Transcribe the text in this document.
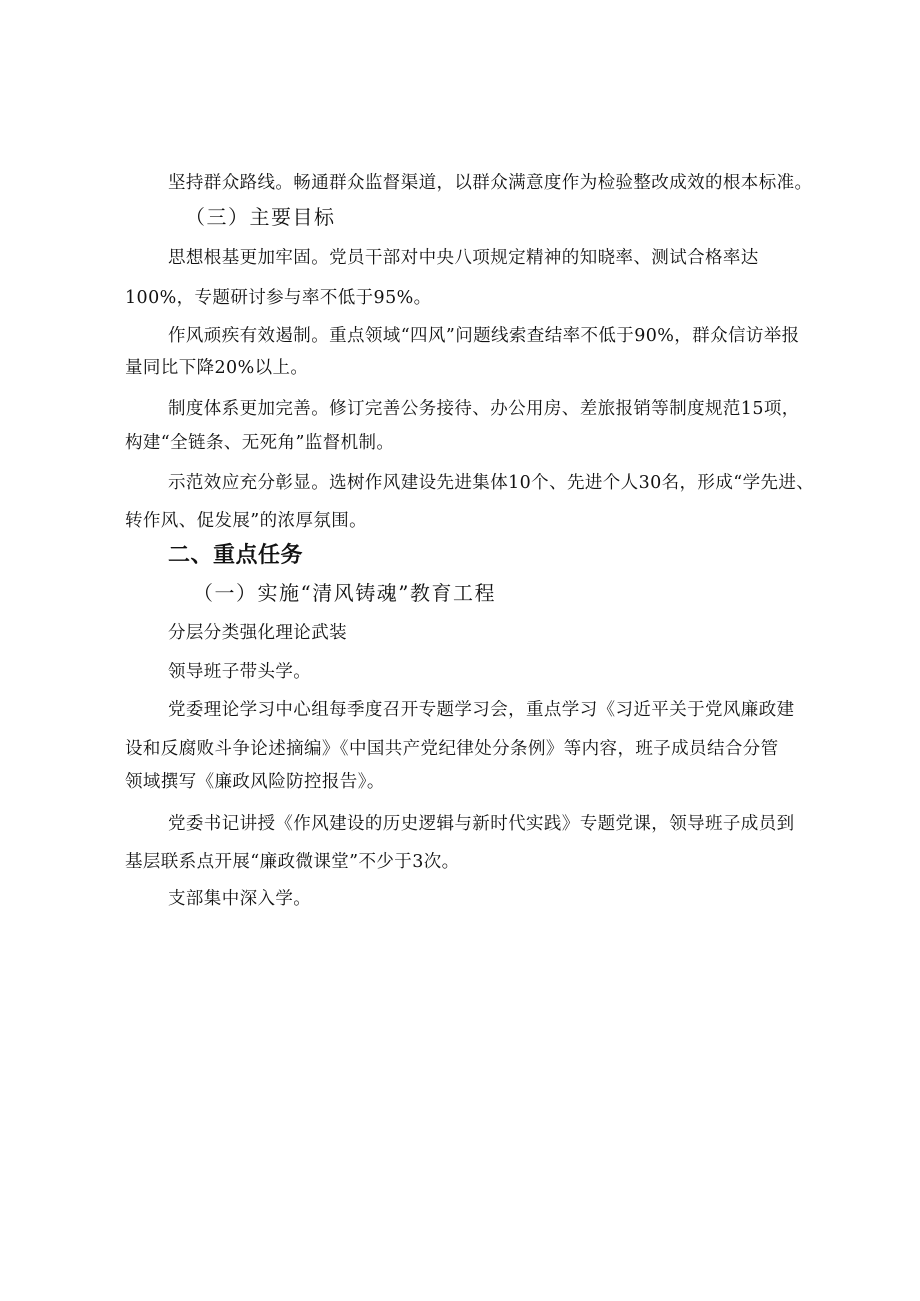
坚持群众路线。畅通群众监督渠道，以群众满意度作为检验整改成效的根本标准。
（三）主要目标
思想根基更加牢固。党员干部对中央八项规定精神的知晓率、测试合格率达
100%，专题研讨参与率不低于95%。
作风顽疾有效遏制。重点领域“四风”问题线索查结率不低于90%，群众信访举报
量同比下降20%以上。
制度体系更加完善。修订完善公务接待、办公用房、差旅报销等制度规范15项，
构建“全链条、无死角”监督机制。
示范效应充分彰显。选树作风建设先进集体10个、先进个人30名，形成“学先进、
转作风、促发展”的浓厚氛围。
二、重点任务
（一）实施“清风铸魂”教育工程
分层分类强化理论武装
领导班子带头学。
党委理论学习中心组每季度召开专题学习会，重点学习《习近平关于党风廉政建
设和反腐败斗争论述摘编》《中国共产党纪律处分条例》等内容，班子成员结合分管
领域撰写《廉政风险防控报告》。
党委书记讲授《作风建设的历史逻辑与新时代实践》专题党课，领导班子成员到
基层联系点开展“廉政微课堂”不少于3次。
支部集中深入学。
